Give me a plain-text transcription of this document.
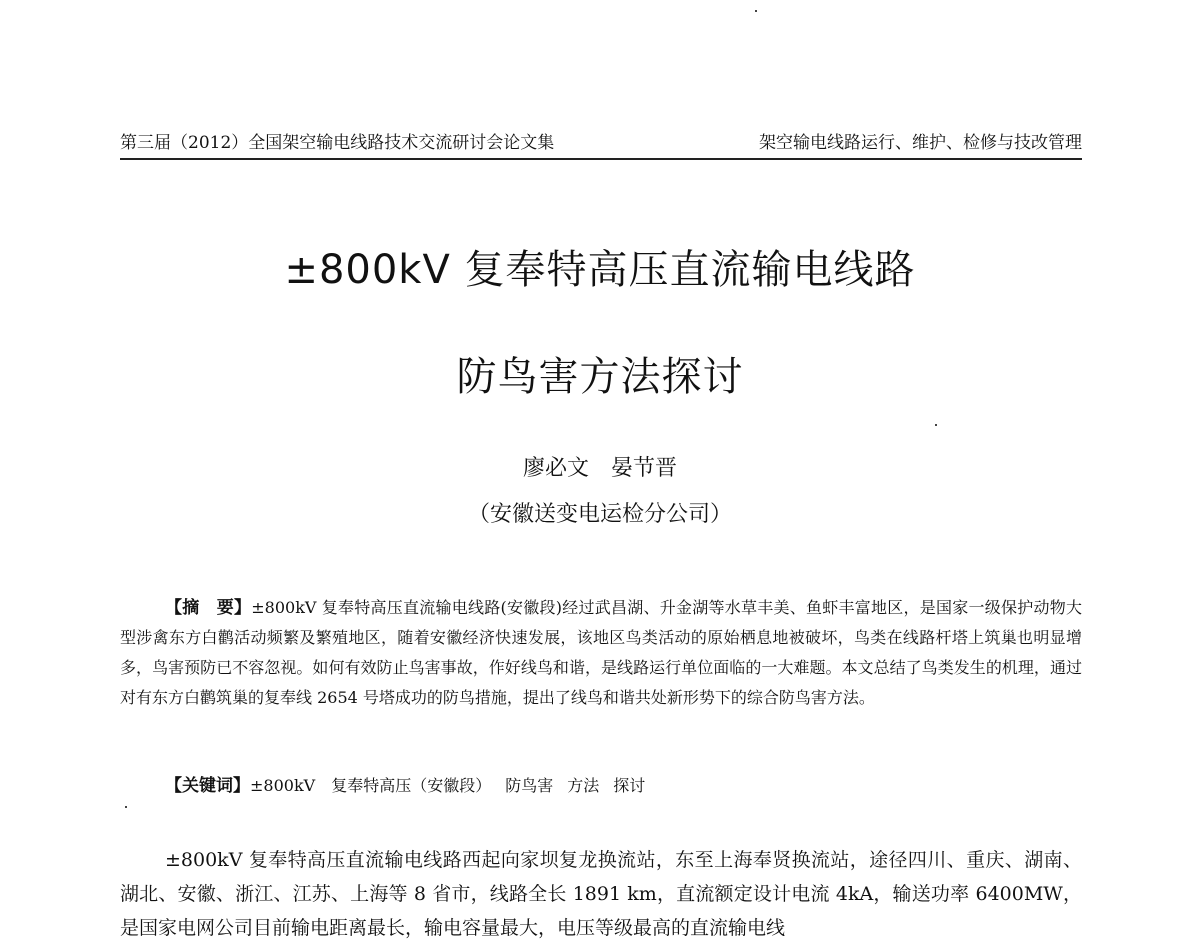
第三届（2012）全国架空输电线路技术交流研讨会论文集	架空输电线路运行、维护、检修与技改管理
±800kV 复奉特高压直流输电线路
防鸟害方法探讨
廖必文　晏节晋
（安徽送变电运检分公司）
【摘　要】±800kV 复奉特高压直流输电线路(安徽段)经过武昌湖、升金湖等水草丰美、鱼虾丰富地区，是国家一级保护动物大型涉禽东方白鹳活动频繁及繁殖地区，随着安徽经济快速发展，该地区鸟类活动的原始栖息地被破坏，鸟类在线路杆塔上筑巢也明显增多，鸟害预防已不容忽视。如何有效防止鸟害事故，作好线鸟和谐，是线路运行单位面临的一大难题。本文总结了鸟类发生的机理，通过对有东方白鹳筑巢的复奉线 2654 号塔成功的防鸟措施，提出了线鸟和谐共处新形势下的综合防鸟害方法。
【关键词】±800kV　复奉特高压（安徽段） 防鸟害 方法 探讨
±800kV 复奉特高压直流输电线路西起向家坝复龙换流站，东至上海奉贤换流站，途径四川、重庆、湖南、湖北、安徽、浙江、江苏、上海等 8 省市，线路全长 1891 km，直流额定设计电流 4kA，输送功率 6400MW，是国家电网公司目前输电距离最长，输电容量最大，电压等级最高的直流输电线
